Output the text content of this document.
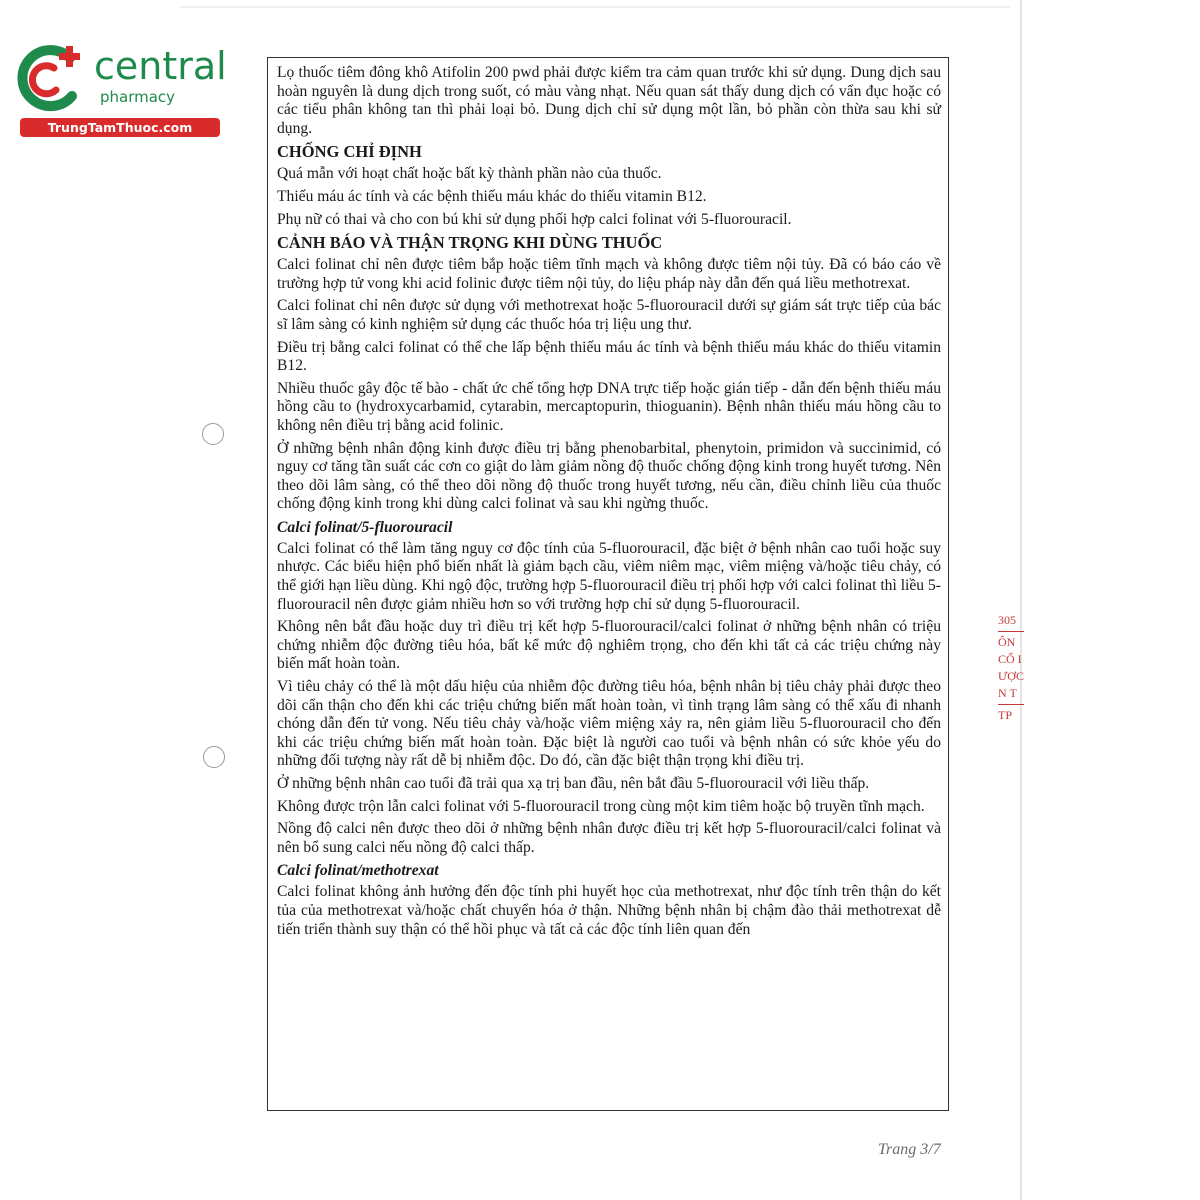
central
pharmacy
TrungTamThuoc.com
305
ÔN
CỔ I
ƯỢC
N T
TP

Lọ thuốc tiêm đông khô Atifolin 200 pwd phải được kiểm tra cảm quan trước khi sử dụng. Dung dịch sau hoàn nguyên là dung dịch trong suốt, có màu vàng nhạt. Nếu quan sát thấy dung dịch có vẩn đục hoặc có các tiểu phân không tan thì phải loại bỏ. Dung dịch chỉ sử dụng một lần, bỏ phần còn thừa sau khi sử dụng.

CHỐNG CHỈ ĐỊNH

Quá mẫn với hoạt chất hoặc bất kỳ thành phần nào của thuốc.

Thiếu máu ác tính và các bệnh thiếu máu khác do thiếu vitamin B12.

Phụ nữ có thai và cho con bú khi sử dụng phối hợp calci folinat với 5-fluorouracil.

CẢNH BÁO VÀ THẬN TRỌNG KHI DÙNG THUỐC

Calci folinat chỉ nên được tiêm bắp hoặc tiêm tĩnh mạch và không được tiêm nội tủy. Đã có báo cáo về trường hợp tử vong khi acid folinic được tiêm nội tủy, do liệu pháp này dẫn đến quá liều methotrexat.

Calci folinat chỉ nên được sử dụng với methotrexat hoặc 5-fluorouracil dưới sự giám sát trực tiếp của bác sĩ lâm sàng có kinh nghiệm sử dụng các thuốc hóa trị liệu ung thư.

Điều trị bằng calci folinat có thể che lấp bệnh thiếu máu ác tính và bệnh thiếu máu khác do thiếu vitamin B12.

Nhiều thuốc gây độc tế bào - chất ức chế tổng hợp DNA trực tiếp hoặc gián tiếp - dẫn đến bệnh thiếu máu hồng cầu to (hydroxycarbamid, cytarabin, mercaptopurin, thioguanin). Bệnh nhân thiếu máu hồng cầu to không nên điều trị bằng acid folinic.

Ở những bệnh nhân động kinh được điều trị bằng phenobarbital, phenytoin, primidon và succinimid, có nguy cơ tăng tần suất các cơn co giật do làm giảm nồng độ thuốc chống động kinh trong huyết tương. Nên theo dõi lâm sàng, có thể theo dõi nồng độ thuốc trong huyết tương, nếu cần, điều chỉnh liều của thuốc chống động kinh trong khi dùng calci folinat và sau khi ngừng thuốc.

Calci folinat/5-fluorouracil

Calci folinat có thể làm tăng nguy cơ độc tính của 5-fluorouracil, đặc biệt ở bệnh nhân cao tuổi hoặc suy nhược. Các biểu hiện phổ biến nhất là giảm bạch cầu, viêm niêm mạc, viêm miệng và/hoặc tiêu chảy, có thể giới hạn liều dùng. Khi ngộ độc, trường hợp 5-fluorouracil điều trị phối hợp với calci folinat thì liều 5-fluorouracil nên được giảm nhiều hơn so với trường hợp chỉ sử dụng 5-fluorouracil.

Không nên bắt đầu hoặc duy trì điều trị kết hợp 5-fluorouracil/calci folinat ở những bệnh nhân có triệu chứng nhiễm độc đường tiêu hóa, bất kể mức độ nghiêm trọng, cho đến khi tất cả các triệu chứng này biến mất hoàn toàn.

Vì tiêu chảy có thể là một dấu hiệu của nhiễm độc đường tiêu hóa, bệnh nhân bị tiêu chảy phải được theo dõi cẩn thận cho đến khi các triệu chứng biến mất hoàn toàn, vì tình trạng lâm sàng có thể xấu đi nhanh chóng dẫn đến tử vong. Nếu tiêu chảy và/hoặc viêm miệng xảy ra, nên giảm liều 5-fluorouracil cho đến khi các triệu chứng biến mất hoàn toàn. Đặc biệt là người cao tuổi và bệnh nhân có sức khỏe yếu do những đối tượng này rất dễ bị nhiễm độc. Do đó, cần đặc biệt thận trọng khi điều trị.

Ở những bệnh nhân cao tuổi đã trải qua xạ trị ban đầu, nên bắt đầu 5-fluorouracil với liều thấp.

Không được trộn lẫn calci folinat với 5-fluorouracil trong cùng một kim tiêm hoặc bộ truyền tĩnh mạch.

Nồng độ calci nên được theo dõi ở những bệnh nhân được điều trị kết hợp 5-fluorouracil/calci folinat và nên bổ sung calci nếu nồng độ calci thấp.

Calci folinat/methotrexat

Calci folinat không ảnh hưởng đến độc tính phi huyết học của methotrexat, như độc tính trên thận do kết tủa của methotrexat và/hoặc chất chuyển hóa ở thận. Những bệnh nhân bị chậm đào thải methotrexat dễ tiến triển thành suy thận có thể hồi phục và tất cả các độc tính liên quan đến

Trang 3/7
